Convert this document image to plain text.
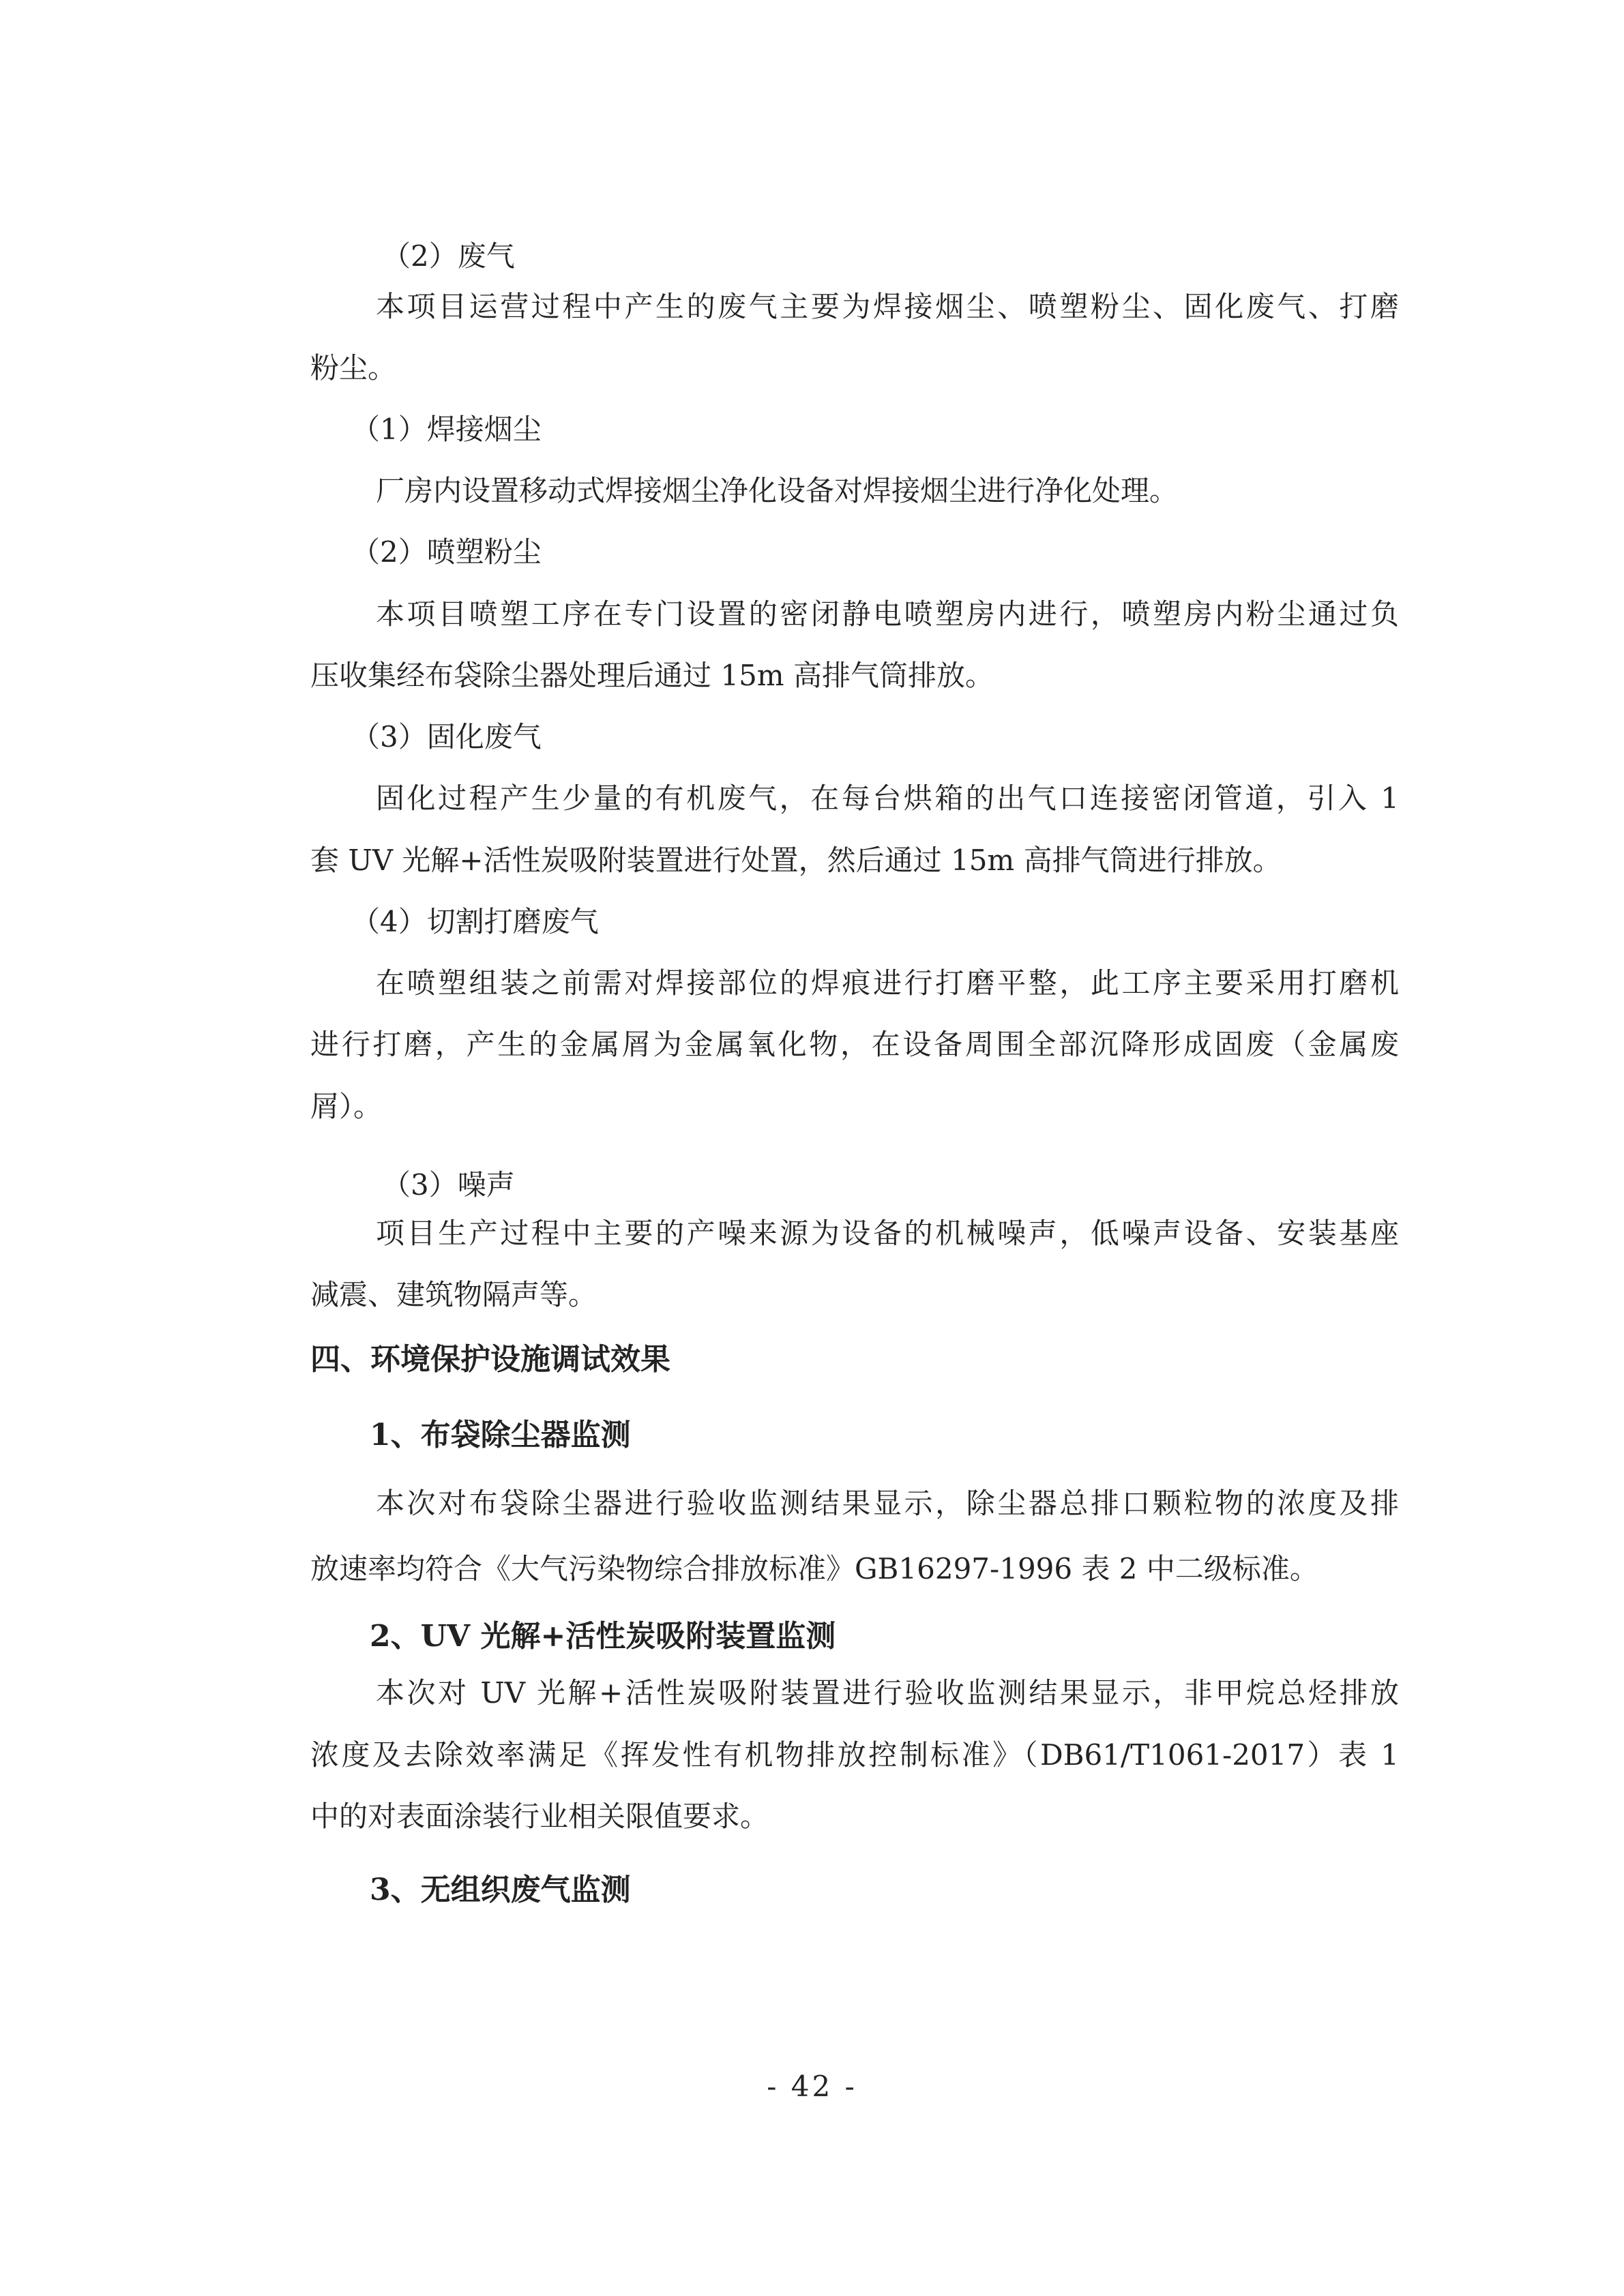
（2）废气
本项目运营过程中产生的废气主要为焊接烟尘、喷塑粉尘、固化废气、打磨
粉尘。
（1）焊接烟尘
厂房内设置移动式焊接烟尘净化设备对焊接烟尘进行净化处理。
（2）喷塑粉尘
本项目喷塑工序在专门设置的密闭静电喷塑房内进行，喷塑房内粉尘通过负
压收集经布袋除尘器处理后通过 15m 高排气筒排放。
（3）固化废气
固化过程产生少量的有机废气，在每台烘箱的出气口连接密闭管道，引入 1
套 UV 光解+活性炭吸附装置进行处置，然后通过 15m 高排气筒进行排放。
（4）切割打磨废气
在喷塑组装之前需对焊接部位的焊痕进行打磨平整，此工序主要采用打磨机
进行打磨，产生的金属屑为金属氧化物，在设备周围全部沉降形成固废（金属废
屑）。
（3）噪声
项目生产过程中主要的产噪来源为设备的机械噪声，低噪声设备、安装基座
减震、建筑物隔声等。
四、环境保护设施调试效果
1、布袋除尘器监测
本次对布袋除尘器进行验收监测结果显示，除尘器总排口颗粒物的浓度及排
放速率均符合《大气污染物综合排放标准》GB16297-1996 表 2 中二级标准。
2、UV 光解+活性炭吸附装置监测
本次对 UV 光解+活性炭吸附装置进行验收监测结果显示，非甲烷总烃排放
浓度及去除效率满足《挥发性有机物排放控制标准》（DB61/T1061-2017）表 1
中的对表面涂装行业相关限值要求。
3、无组织废气监测
- 42 -
